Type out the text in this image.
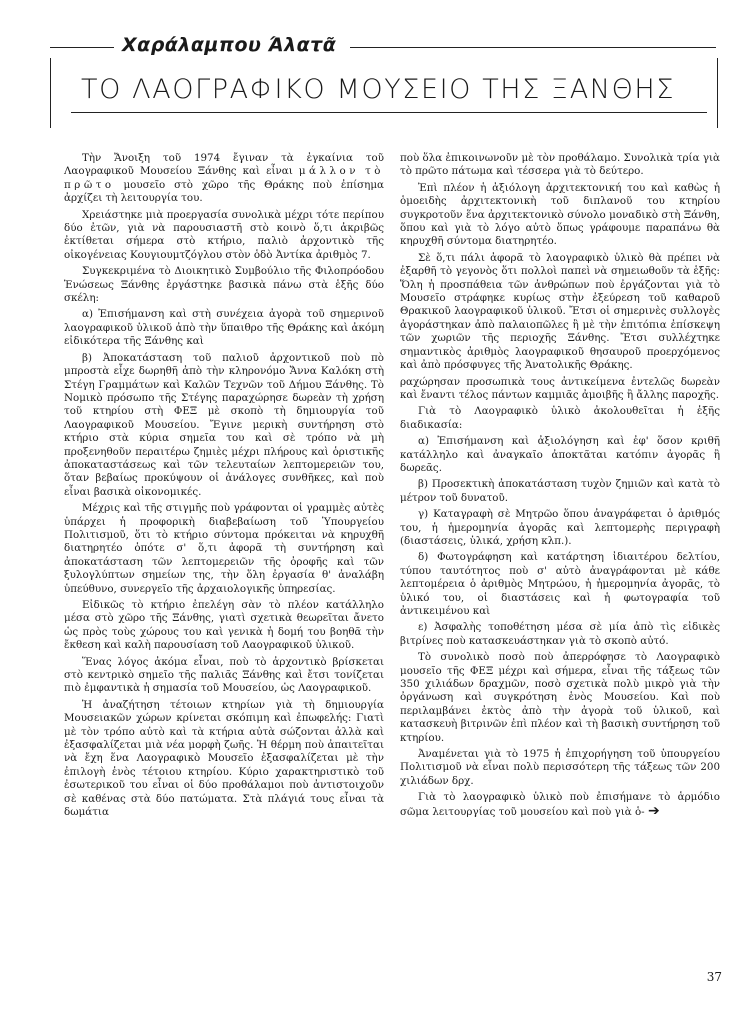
Χαράλαμπου Άλατᾶ
ΤΟ ΛΑΟΓΡΑΦΙΚΟ ΜΟΥΣΕΙΟ ΤΗΣ ΞΑΝΘΗΣ

Τὴν Ἄνοιξη τοῦ 1974 ἔγιναν τὰ ἐγκαίνια τοῦ Λαογραφικοῦ Μουσείου Ξάνθης καὶ εἶναι μάλλον τὸ πρῶτο μουσεῖο στὸ χῶρο τῆς Θράκης ποὺ ἐπίσημα ἀρχίζει τὴ λειτουργία του.

Χρειάστηκε μιὰ προεργασία συνολικὰ μέχρι τότε περίπου δύο ἐτῶν, γιὰ νὰ παρουσιαστῆ στὸ κοινὸ ὅ,τι ἀκριβῶς ἐκτίθεται σήμερα στὸ κτήριο, παλιὸ ἀρχοντικὸ τῆς οἰκογένειας Κουγιουμτζόγλου στὸν ὁδὸ Ἀντίκα ἀριθμὸς 7.

Συγκεκριμένα τὸ Διοικητικὸ Συμβούλιο τῆς Φιλοπρόοδου Ἑνώσεως Ξάνθης ἐργάστηκε βασικὰ πάνω στὰ ἑξῆς δύο σκέλη:

α) Ἐπισήμανση καὶ στὴ συνέχεια ἀγορὰ τοῦ σημερινοῦ λαογραφικοῦ ὑλικοῦ ἀπὸ τὴν ὕπαιθρο τῆς Θράκης καὶ ἀκόμη εἰδικότερα τῆς Ξάνθης καὶ

β) Ἀποκατάσταση τοῦ παλιοῦ ἀρχοντικοῦ ποὺ πὸ μπροστὰ εἶχε δωρηθῆ ἀπὸ τὴν κληρονόμο Ἄννα Καλόκη στὴ Στέγη Γραμμάτων καὶ Καλῶν Τεχνῶν τοῦ Δήμου Ξάνθης. Τὸ Νομικὸ πρόσωπο τῆς Στέγης παραχώρησε δωρεὰν τὴ χρήση τοῦ κτηρίου στὴ ΦΕΞ μὲ σκοπὸ τὴ δημιουργία τοῦ Λαογραφικοῦ Μουσείου. Ἔγινε μερικὴ συντήρηση στὸ κτήριο στὰ κύρια σημεῖα του καὶ σὲ τρόπο νὰ μὴ προξενηθοῦν περαιτέρω ζημιὲς μέχρι πλήρους καὶ ὁριστικῆς ἀποκαταστάσεως καὶ τῶν τελευταίων λεπτομερειῶν του, ὅταν βεβαίως προκύψουν οἱ ἀνάλογες συνθῆκες, καὶ ποὺ εἶναι βασικὰ οἰκονομικές.

Μέχρις καὶ τῆς στιγμῆς ποὺ γράφονται οἱ γραμμὲς αὐτὲς ὑπάρχει ἡ προφορικὴ διαβεβαίωση τοῦ Ὑπουργείου Πολιτισμοῦ, ὅτι τὸ κτήριο σύντομα πρόκειται νὰ κηρυχθῆ διατηρητέο ὁπότε σ' ὅ,τι ἀφορᾶ τὴ συντήρηση καὶ ἀποκατάσταση τῶν λεπτομερειῶν τῆς ὀροφῆς καὶ τῶν ξυλογλύπτων σημείων της, τὴν ὅλη ἐργασία θ' ἀναλάβη ὑπεύθυνο, συνεργεῖο τῆς ἀρχαιολογικῆς ὑπηρεσίας.

Εἰδικῶς τὸ κτήριο ἐπελέγη σὰν τὸ πλέον κατάλληλο μέσα στὸ χῶρο τῆς Ξάνθης, γιατὶ σχετικὰ θεωρεῖται ἄνετο ὡς πρὸς τοὺς χώρους του καὶ γενικὰ ἡ δομή του βοηθᾶ τὴν ἔκθεση καὶ καλὴ παρουσίαση τοῦ Λαογραφικοῦ ὑλικοῦ.

Ἕνας λόγος ἀκόμα εἶναι, ποὺ τὸ ἀρχοντικὸ βρίσκεται στὸ κεντρικὸ σημεῖο τῆς παλιᾶς Ξάνθης καὶ ἔτσι τονίζεται πιὸ ἐμφαντικὰ ἡ σημασία τοῦ Μουσείου, ὡς Λαογραφικοῦ.

Ἡ ἀναζήτηση τέτοιων κτηρίων γιὰ τὴ δημιουργία Μουσειακῶν χώρων κρίνεται σκόπιμη καὶ ἐπωφελής: Γιατὶ μὲ τὸν τρόπο αὐτὸ καὶ τὰ κτήρια αὐτὰ σώζονται ἀλλὰ καὶ ἐξασφαλίζεται μιὰ νέα μορφὴ ζωῆς. Ἡ θέρμη ποὺ ἀπαιτεῖται νὰ ἔχη ἕνα Λαογραφικὸ Μουσεῖο ἐξασφαλίζεται μὲ τὴν ἐπιλογὴ ἑνὸς τέτοιου κτηρίου. Κύριο χαρακτηριστικὸ τοῦ ἐσωτερικοῦ του εἶναι οἱ δύο προθάλαμοι ποὺ ἀντιστοιχοῦν σὲ καθένας στὰ δύο πατώματα. Στὰ πλάγιά τους εἶναι τὰ δωμάτια

ποὺ ὅλα ἐπικοινωνοῦν μὲ τὸν προθάλαμο. Συνολικὰ τρία γιὰ τὸ πρῶτο πάτωμα καὶ τέσσερα γιὰ τὸ δεύτερο.

Ἐπὶ πλέον ἡ ἀξιόλογη ἀρχιτεκτονική του καὶ καθὼς ἡ ὁμοειδὴς ἀρχιτεκτονικὴ τοῦ διπλανοῦ του κτηρίου συγκροτοῦν ἕνα ἀρχιτεκτονικὸ σύνολο μοναδικὸ στὴ Ξάνθη, ὅπου καὶ γιὰ τὸ λόγο αὐτὸ ὅπως γράφουμε παραπάνω θὰ κηρυχθῆ σύντομα διατηρητέο.

Σὲ ὅ,τι πάλι ἀφορᾶ τὸ λαογραφικὸ ὑλικὸ θὰ πρέπει νὰ ἐξαρθῆ τὸ γεγονὸς ὅτι πολλοὶ παπεὶ νὰ σημειωθοῦν τὰ ἑξῆς: Ὅλη ἡ προσπάθεια τῶν ἀνθρώπων ποὺ ἐργάζονται γιὰ τὸ Μουσεῖο στράφηκε κυρίως στὴν ἐξεύρεση τοῦ καθαροῦ Θρακικοῦ λαογραφικοῦ ὑλικοῦ. Ἔτσι οἱ σημερινὲς συλλογὲς ἀγοράστηκαν ἀπὸ παλαιοπῶλες ἢ μὲ τὴν ἐπιτόπια ἐπίσκεψη τῶν χωριῶν τῆς περιοχῆς Ξάνθης. Ἔτσι συλλέχτηκε σημαντικὸς ἀριθμὸς λαογραφικοῦ θησαυροῦ προερχόμενος καὶ ἀπὸ πρόσφυγες τῆς Ἀνατολικῆς Θράκης.

ραχώρησαν προσωπικὰ τους ἀντικείμενα ἐντελῶς δωρεὰν καὶ ἔναντι τέλος πάντων καμμιᾶς ἀμοιβῆς ἢ ἄλλης παροχῆς.

Γιὰ τὸ Λαογραφικὸ ὑλικὸ ἀκολουθεῖται ἡ ἑξῆς διαδικασία:

α) Ἐπισήμανση καὶ ἀξιολόγηση καὶ ἐφ' ὅσον κριθῆ κατάλληλο καὶ ἀναγκαῖο ἀποκτᾶται κατόπιν ἀγορᾶς ἢ δωρεᾶς.

β) Προσεκτικὴ ἀποκατάσταση τυχὸν ζημιῶν καὶ κατὰ τὸ μέτρον τοῦ δυνατοῦ.

γ) Καταγραφὴ σὲ Μητρῶο ὅπου ἀναγράφεται ὁ ἀριθμός του, ἡ ἡμερομηνία ἀγορᾶς καὶ λεπτομερὴς περιγραφὴ (διαστάσεις, ὑλικά, χρήση κλπ.).

δ) Φωτογράφηση καὶ κατάρτηση ἰδιαιτέρου δελτίου, τύπου ταυτότητος ποὺ σ' αὐτὸ ἀναγράφονται μὲ κάθε λεπτομέρεια ὁ ἀριθμὸς Μητρώου, ἡ ἡμερομηνία ἀγορᾶς, τὸ ὑλικό του, οἱ διαστάσεις καὶ ἡ φωτογραφία τοῦ ἀντικειμένου καὶ

ε) Ἀσφαλὴς τοποθέτηση μέσα σὲ μία ἀπὸ τὶς εἰδικὲς βιτρίνες ποὺ κατασκευάστηκαν γιὰ τὸ σκοπὸ αὐτό.

Τὸ συνολικὸ ποσὸ ποὺ ἀπερρόφησε τὸ Λαογραφικὸ μουσεῖο τῆς ΦΕΞ μέχρι καὶ σήμερα, εἶναι τῆς τάξεως τῶν 350 χιλιάδων δραχμῶν, ποσὸ σχετικὰ πολὺ μικρὸ γιὰ τὴν ὀργάνωση καὶ συγκρότηση ἑνὸς Μουσείου. Καὶ ποὺ περιλαμβάνει ἐκτὸς ἀπὸ τὴν ἀγορὰ τοῦ ὑλικοῦ, καὶ κατασκευὴ βιτρινῶν ἐπὶ πλέον καὶ τὴ βασικὴ συντήρηση τοῦ κτηρίου.

Ἀναμένεται γιὰ τὸ 1975 ἡ ἐπιχορήγηση τοῦ ὑπουργείου Πολιτισμοῦ νὰ εἶναι πολὺ περισσότερη τῆς τάξεως τῶν 200 χιλιάδων δρχ.

Γιὰ τὸ λαογραφικὸ ὑλικὸ ποὺ ἐπισήμανε τὸ ἁρμόδιο σῶμα λειτουργίας τοῦ μουσείου καὶ ποὺ γιὰ ὁ- ➔

37
